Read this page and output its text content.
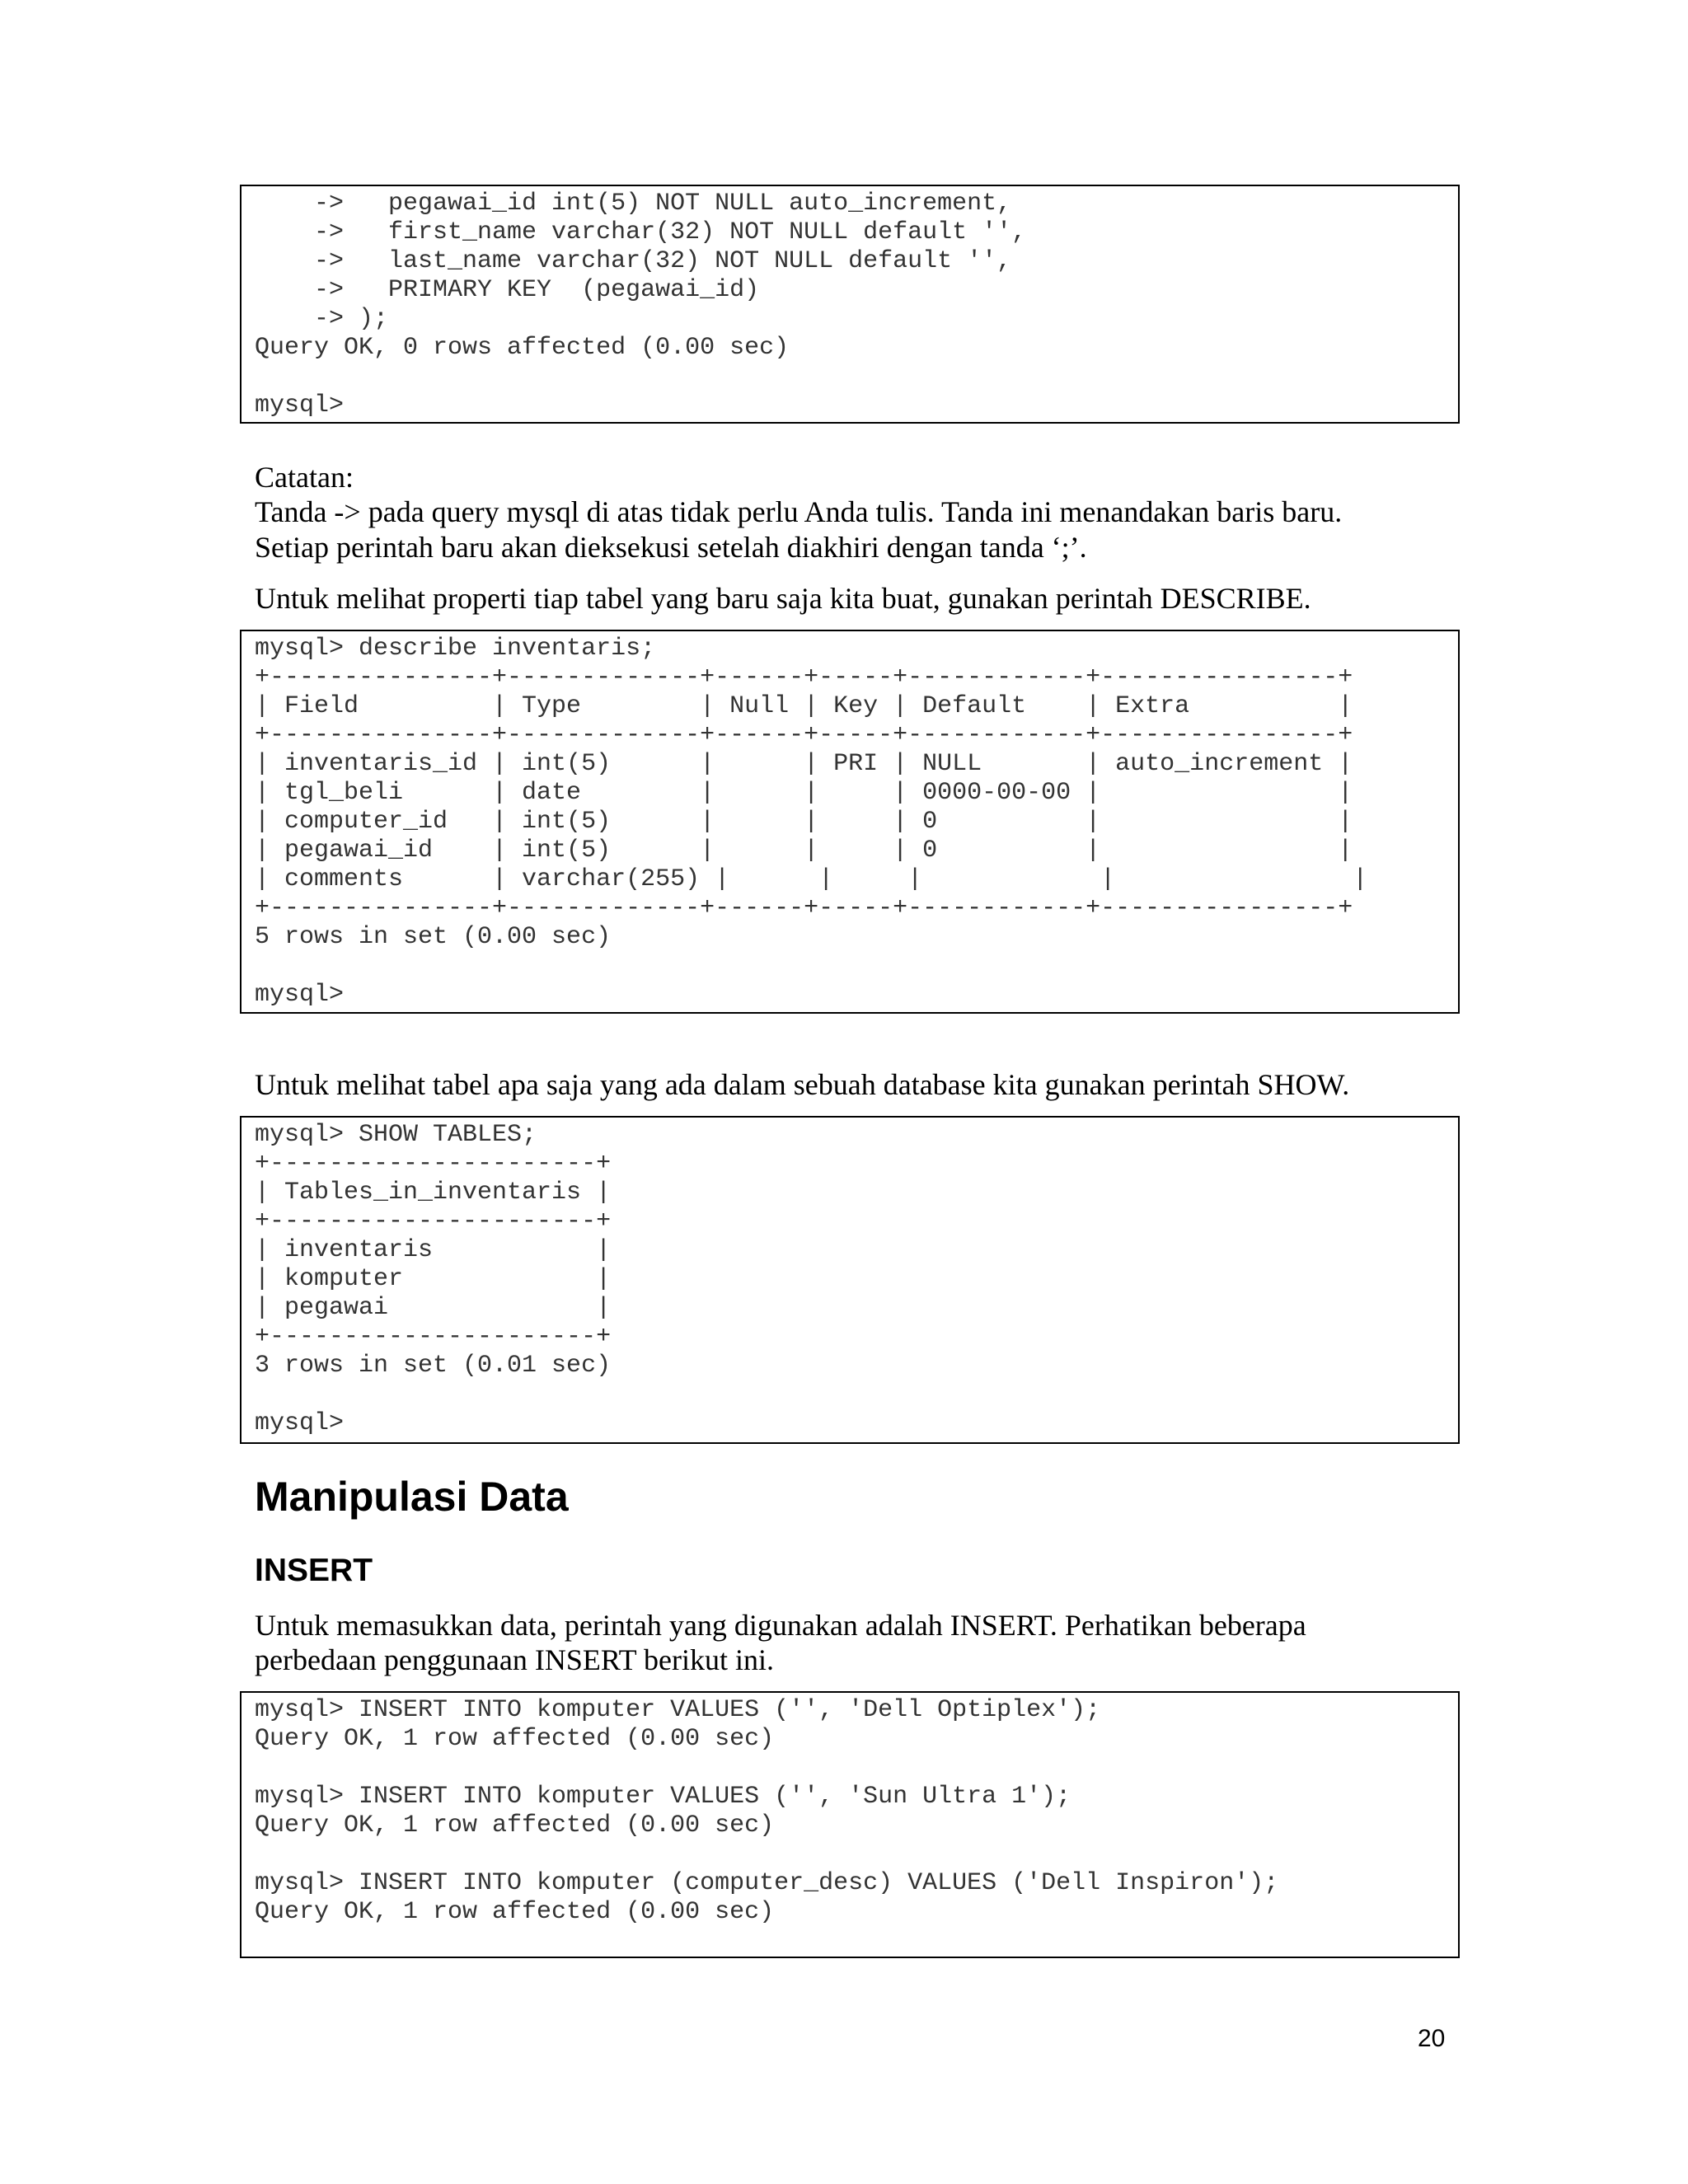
->   pegawai_id int(5) NOT NULL auto_increment,
->   first_name varchar(32) NOT NULL default '',
->   last_name varchar(32) NOT NULL default '',
->   PRIMARY KEY  (pegawai_id)
-> );
Query OK, 0 rows affected (0.00 sec)
mysql>
Catatan:
Tanda -> pada query mysql di atas tidak perlu Anda tulis. Tanda ini menandakan baris baru.
Setiap perintah baru akan dieksekusi setelah diakhiri dengan tanda ‘;’.
Untuk melihat properti tiap tabel yang baru saja kita buat, gunakan perintah DESCRIBE.
mysql> describe inventaris;
+---------------+-------------+------+-----+------------+----------------+
| Field         | Type        | Null | Key | Default    | Extra          |
+---------------+-------------+------+-----+------------+----------------+
| inventaris_id | int(5)      |      | PRI | NULL       | auto_increment |
| tgl_beli      | date        |      |     | 0000-00-00 |                |
| computer_id   | int(5)      |      |     | 0          |                |
| pegawai_id    | int(5)      |      |     | 0          |                |
| comments      | varchar(255) |      |     |            |                |
+---------------+-------------+------+-----+------------+----------------+
5 rows in set (0.00 sec)
mysql>
Untuk melihat tabel apa saja yang ada dalam sebuah database kita gunakan perintah SHOW.
mysql> SHOW TABLES;
+----------------------+
| Tables_in_inventaris |
+----------------------+
| inventaris           |
| komputer             |
| pegawai              |
+----------------------+
3 rows in set (0.01 sec)
mysql>
Manipulasi Data
INSERT
Untuk memasukkan data, perintah yang digunakan adalah INSERT. Perhatikan beberapa
perbedaan penggunaan INSERT berikut ini.
mysql> INSERT INTO komputer VALUES ('', 'Dell Optiplex');
Query OK, 1 row affected (0.00 sec)
mysql> INSERT INTO komputer VALUES ('', 'Sun Ultra 1');
Query OK, 1 row affected (0.00 sec)
mysql> INSERT INTO komputer (computer_desc) VALUES ('Dell Inspiron');
Query OK, 1 row affected (0.00 sec)
20
